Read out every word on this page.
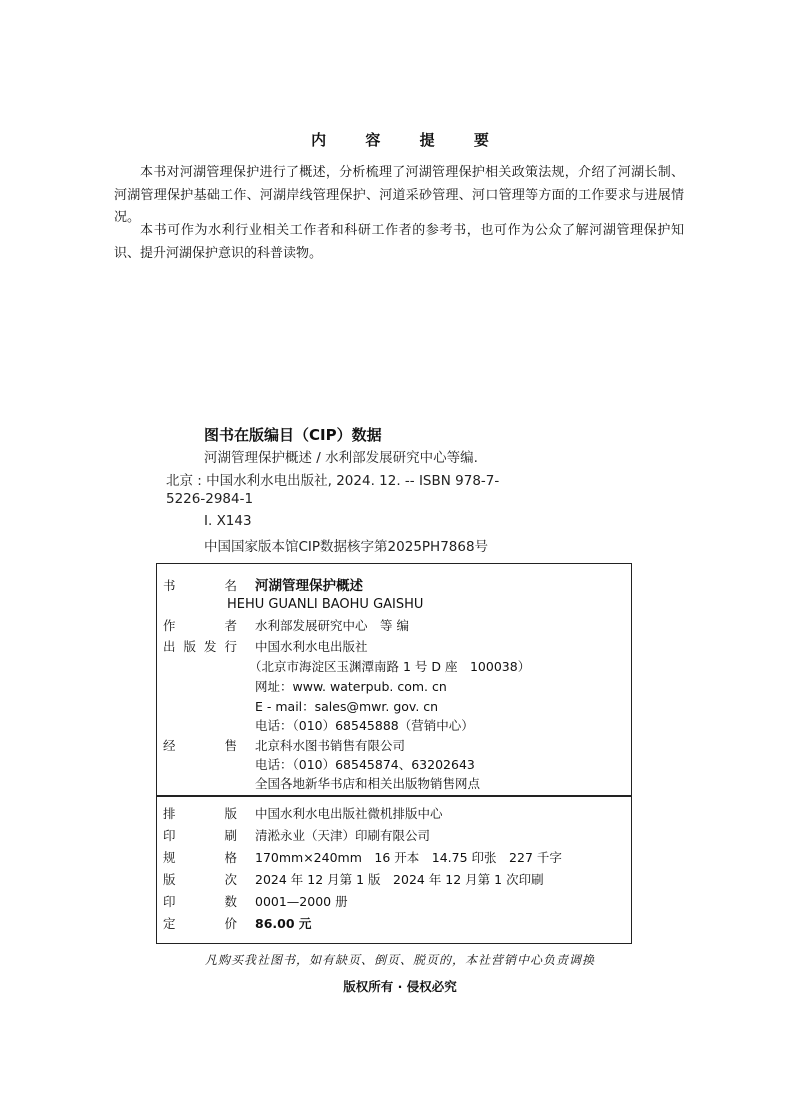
内 容 提 要
本书对河湖管理保护进行了概述，分析梳理了河湖管理保护相关政策法规，介绍了河湖长制、河湖管理保护基础工作、河湖岸线管理保护、河道采砂管理、河口管理等方面的工作要求与进展情况。
本书可作为水利行业相关工作者和科研工作者的参考书，也可作为公众了解河湖管理保护知识、提升河湖保护意识的科普读物。
图书在版编目（CIP）数据
河湖管理保护概述 / 水利部发展研究中心等编.
北京 : 中国水利水电出版社, 2024. 12. -- ISBN 978-7-
5226-2984-1
Ⅰ. X143
中国国家版本馆CIP数据核字第2025PH7868号
书	名 河湖管理保护概述
HEHU GUANLI BAOHU GAISHU
作	者 水利部发展研究中心　等 编
出 版 发 行 中国水利水电出版社
（北京市海淀区玉渊潭南路 1 号 D 座　100038）
网址：www. waterpub. com. cn
E - mail：sales@mwr. gov. cn
电话：（010）68545888（营销中心）
经	售 北京科水图书销售有限公司
电话：（010）68545874、63202643
全国各地新华书店和相关出版物销售网点
排	版 中国水利水电出版社微机排版中心
印	刷 清淞永业（天津）印刷有限公司
规	格 170mm×240mm　16 开本　14.75 印张　227 千字
版	次 2024 年 12 月第 1 版　2024 年 12 月第 1 次印刷
印	数 0001—2000 册
定	价 86.00 元
凡购买我社图书，如有缺页、倒页、脱页的，本社营销中心负责调换
版权所有 · 侵权必究
